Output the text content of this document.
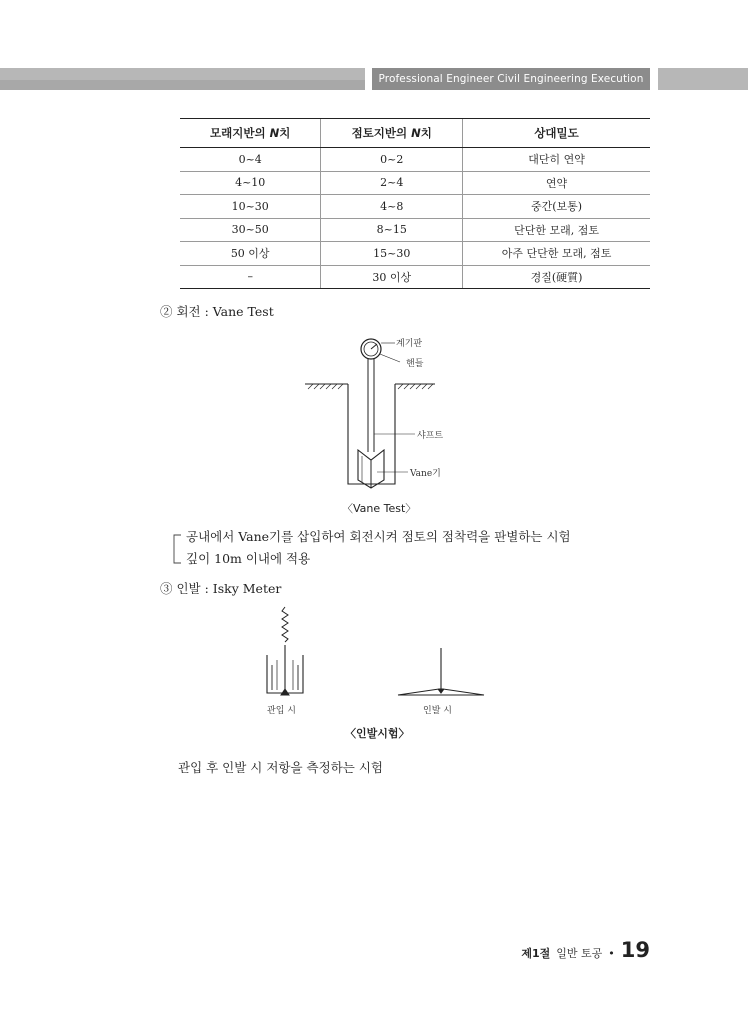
Professional Engineer Civil Engineering Execution
모래지반의 N치	점토지반의 N치	상대밀도
0~4	0~2	대단히 연약
4~10	2~4	연약
10~30	4~8	중간(보통)
30~50	8~15	단단한 모래, 점토
50 이상	15~30	아주 단단한 모래, 점토
–	30 이상	경질(硬質)
② 회전 : Vane Test
계기판
핸들
샤프트
Vane기
〈Vane Test〉
공내에서 Vane기를 삽입하여 회전시켜 점토의 점착력을 판별하는 시험
깊이 10m 이내에 적용
③ 인발 : Isky Meter
관입 시	인발 시
〈인발시험〉
관입 후 인발 시 저항을 측정하는 시험
제1절 일반 토공 • 19
